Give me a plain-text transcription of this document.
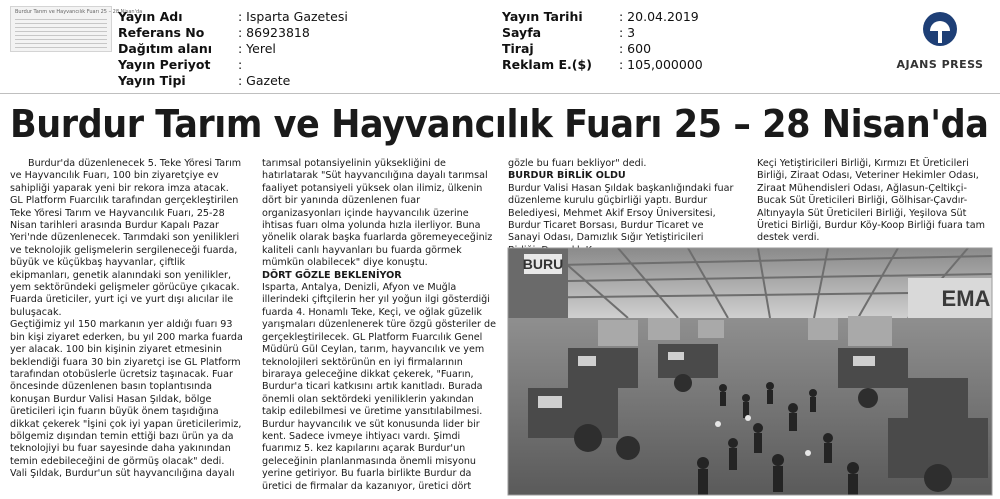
Burdur Tarım ve Hayvancılık Fuarı 25 – 28 Nisan'da
Yayın Adı	: Isparta Gazetesi
Referans No	: 86923818
Dağıtım alanı : Yerel
Yayın Periyot :
Yayın Tipi	: Gazete
Yayın Tarihi	: 20.04.2019
Sayfa	: 3
Tiraj	: 600
Reklam E.($) : 105,000000	AJANS PRESS
Burdur Tarım ve Hayvancılık Fuarı 25 – 28 Nisan'da

Burdur'da düzenlenecek 5. Teke Yöresi Tarım ve Hayvancılık Fuarı, 100 bin ziyaretçiye ev sahipliği yaparak yeni bir rekora imza atacak.

GL Platform Fuarcılık tarafından gerçekleştirilen Teke Yöresi Tarım ve Hayvancılık Fuarı, 25-28 Nisan tarihleri arasında Burdur Kapalı Pazar Yeri'nde düzenlenecek. Tarımdaki son yenilikleri ve teknolojik gelişmelerin sergileneceği fuarda, büyük ve küçükbaş hayvanlar, çiftlik ekipmanları, genetik alanındaki son yenilikler, yem sektöründeki gelişmeler görücüye çıkacak. Fuarda üreticiler, yurt içi ve yurt dışı alıcılar ile buluşacak.

Geçtiğimiz yıl 150 markanın yer aldığı fuarı 93 bin kişi ziyaret ederken, bu yıl 200 marka fuarda yer alacak. 100 bin kişinin ziyaret etmesinin beklendiği fuara 30 bin ziyaretçi ise GL Platform tarafından otobüslerle ücretsiz taşınacak. Fuar öncesinde düzenlenen basın toplantısında konuşan Burdur Valisi Hasan Şıldak, bölge üreticileri için fuarın büyük önem taşıdığına dikkat çekerek "İşini çok iyi yapan üreticilerimiz, bölgemiz dışından temin ettiği bazı ürün ya da teknolojiyi bu fuar sayesinde daha yakınından temin edebileceğini de görmüş olacak" dedi.

Vali Şıldak, Burdur'un süt hayvancılığına dayalı

tarımsal potansiyelinin yüksekliğini de hatırlatarak "Süt hayvancılığına dayalı tarımsal faaliyet potansiyeli yüksek olan ilimiz, ülkenin dört bir yanında düzenlenen fuar organizasyonları içinde hayvancılık üzerine ihtisas fuarı olma yolunda hızla ilerliyor. Buna yönelik olarak başka fuarlarda göremeyeceğiniz kaliteli canlı hayvanları bu fuarda görmek mümkün olabilecek" diye konuştu.

DÖRT GÖZLE BEKLENİYOR

Isparta, Antalya, Denizli, Afyon ve Muğla illerindeki çiftçilerin her yıl yoğun ilgi gösterdiği fuarda 4. Honamlı Teke, Keçi, ve oğlak güzelik yarışmaları düzenlenerek türe özgü gösteriler de gerçekleştirilecek. GL Platform Fuarcılık Genel Müdürü Gül Ceylan, tarım, hayvancılık ve yem teknolojileri sektörünün en iyi firmalarının biraraya geleceğine dikkat çekerek, "Fuarın, Burdur'a ticari katkısını artık kanıtladı. Burada önemli olan sektördeki yeniliklerin yakından takip edilebilmesi ve üretime yansıtılabilmesi. Burdur hayvancılık ve süt konusunda lider bir kent. Sadece ivmeye ihtiyacı vardı. Şimdi fuarımız 5. kez kapılarını açarak Burdur'un geleceğinin planlanmasında önemli misyonu yerine getiriyor. Bu fuarla birlikte Burdur da üretici de firmalar da kazanıyor, üretici dört

gözle bu fuarı bekliyor" dedi.

BURDUR BİRLİK OLDU

Burdur Valisi Hasan Şıldak başkanlığındaki fuar düzenleme kurulu güçbirliği yaptı. Burdur Belediyesi, Mehmet Akif Ersoy Üniversitesi, Burdur Ticaret Borsası, Burdur Ticaret ve Sanayi Odası, Damızlık Sığır Yetiştiricileri

Keçi Yetiştiricileri Birliği, Kırmızı Et Üreticileri Birliği, Ziraat Odası, Veteriner Hekimler Odası, Ziraat Mühendisleri Odası, Ağlasun-Çeltikçi-Bucak Süt Üreticileri Birliği, Gölhisar-Çavdır-Altınyayla Süt Üreticileri Birliği, Yeşilova Süt Üretici Birliği, Burdur Köy-Koop Birliği fuara tam destek verdi.

BURU
EMA
